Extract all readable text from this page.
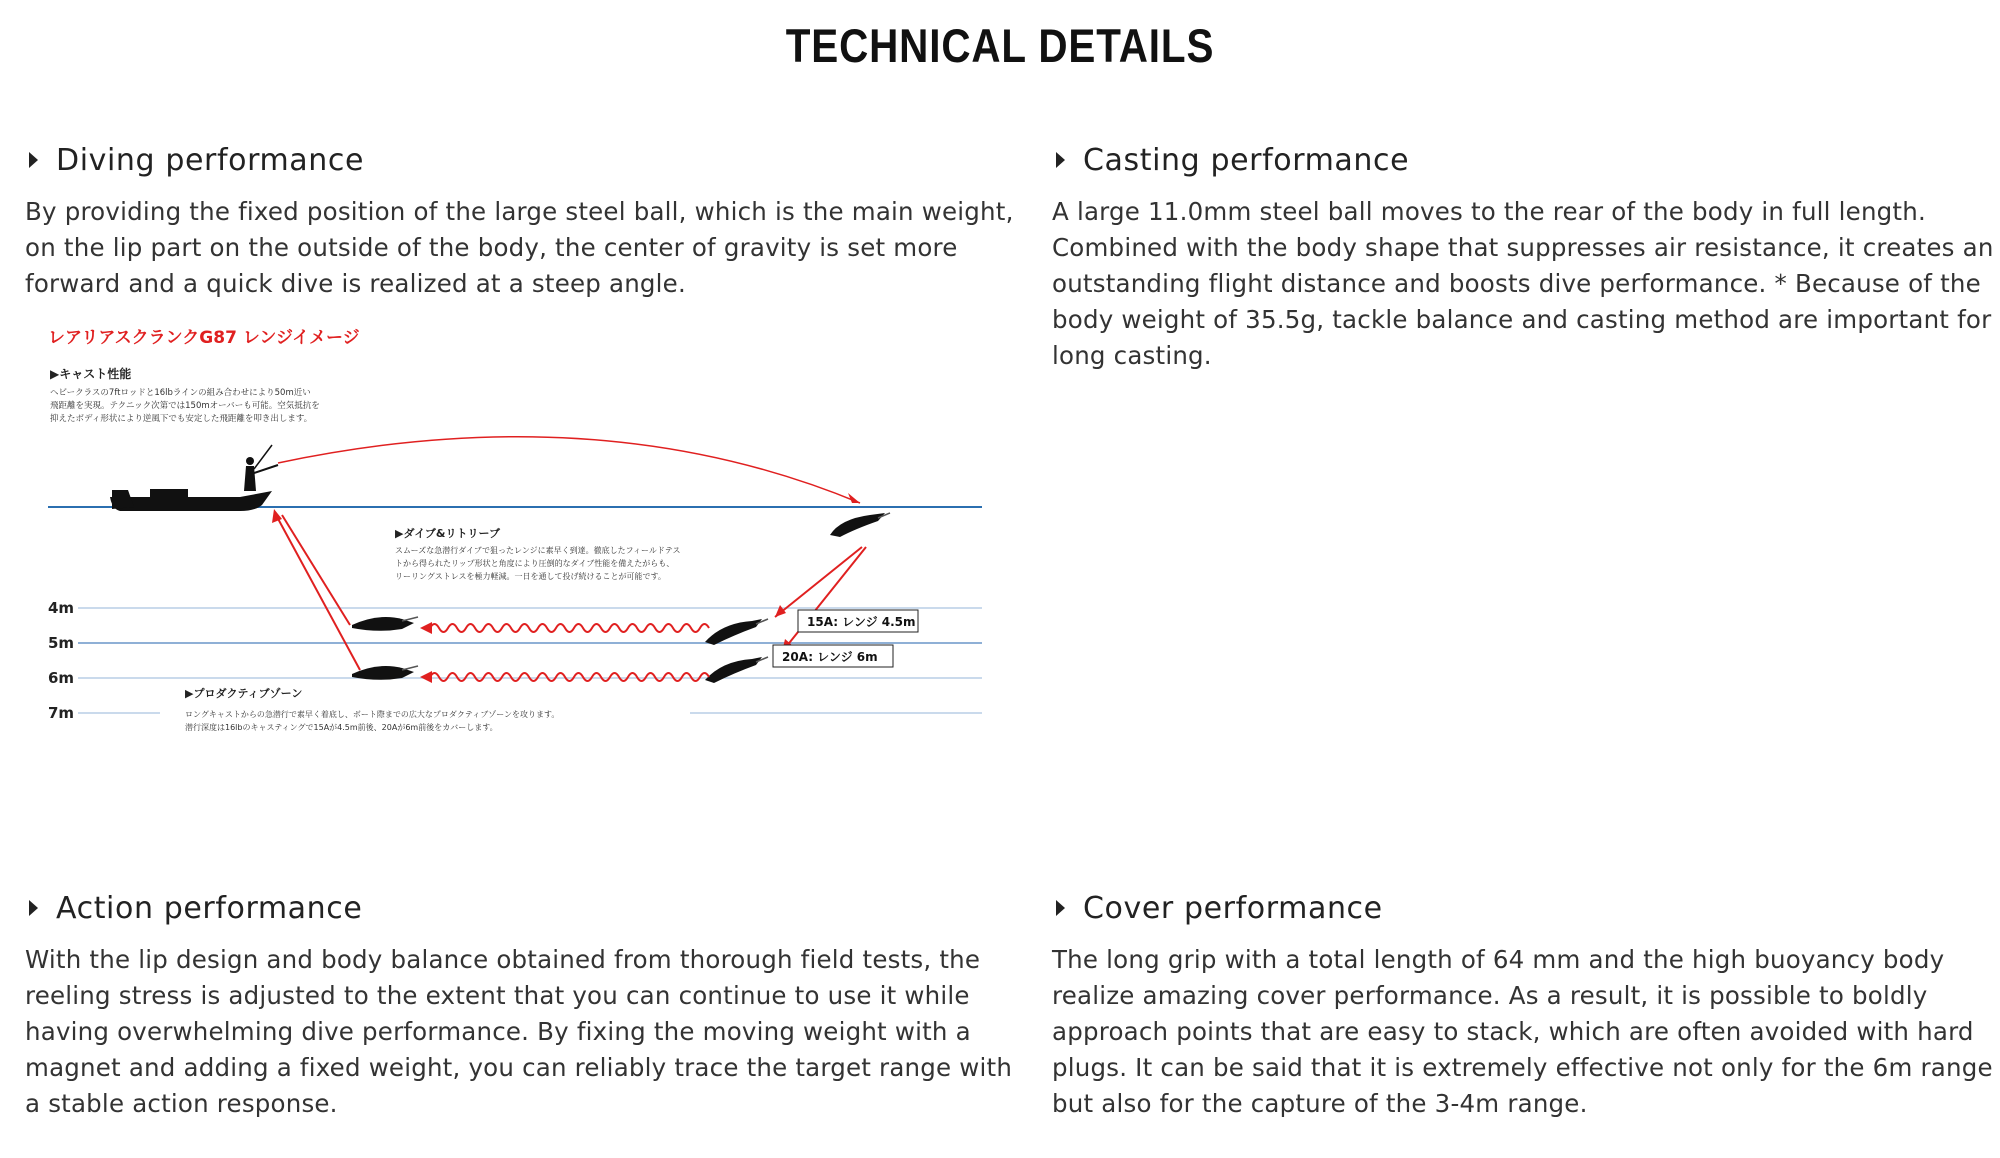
TECHNICAL DETAILS
Diving performance
By providing the fixed position of the large steel ball, which is the main weight, on the lip part on the outside of the body, the center of gravity is set more forward and a quick dive is realized at a steep angle.
Casting performance
A large 11.0mm steel ball moves to the rear of the body in full length. Combined with the body shape that suppresses air resistance, it creates an outstanding flight distance and boosts dive performance. * Because of the body weight of 35.5g, tackle balance and casting method are important for long casting.
レアリアスクランクG87 レンジイメージ
▶キャスト性能
ヘビークラスの7ftロッドと16lbラインの組み合わせにより50m近い
飛距離を実現。テクニック次第では150mオーバーも可能。空気抵抗を
抑えたボディ形状により逆風下でも安定した飛距離を叩き出します。
4m
5m
6m
7m
▶ダイブ&リトリーブ
スムーズな急潜行ダイブで狙ったレンジに素早く到達。徹底したフィールドテス
トから得られたリップ形状と角度により圧倒的なダイブ性能を備えたがらも、
リーリングストレスを極力軽減。一日を通して投げ続けることが可能です。
15A: レンジ 4.5m
20A: レンジ 6m
▶プロダクティブゾーン
ロングキャストからの急潜行で素早く着底し、ボート際までの広大なプロダクティブゾーンを攻ります。
潜行深度は16lbのキャスティングで15Aが4.5m前後、20Aが6m前後をカバーします。
Action performance
With the lip design and body balance obtained from thorough field tests, the reeling stress is adjusted to the extent that you can continue to use it while having overwhelming dive performance. By fixing the moving weight with a magnet and adding a fixed weight, you can reliably trace the target range with a stable action response.
Cover performance
The long grip with a total length of 64 mm and the high buoyancy body realize amazing cover performance. As a result, it is possible to boldly approach points that are easy to stack, which are often avoided with hard plugs. It can be said that it is extremely effective not only for the 6m range but also for the capture of the 3-4m range.
